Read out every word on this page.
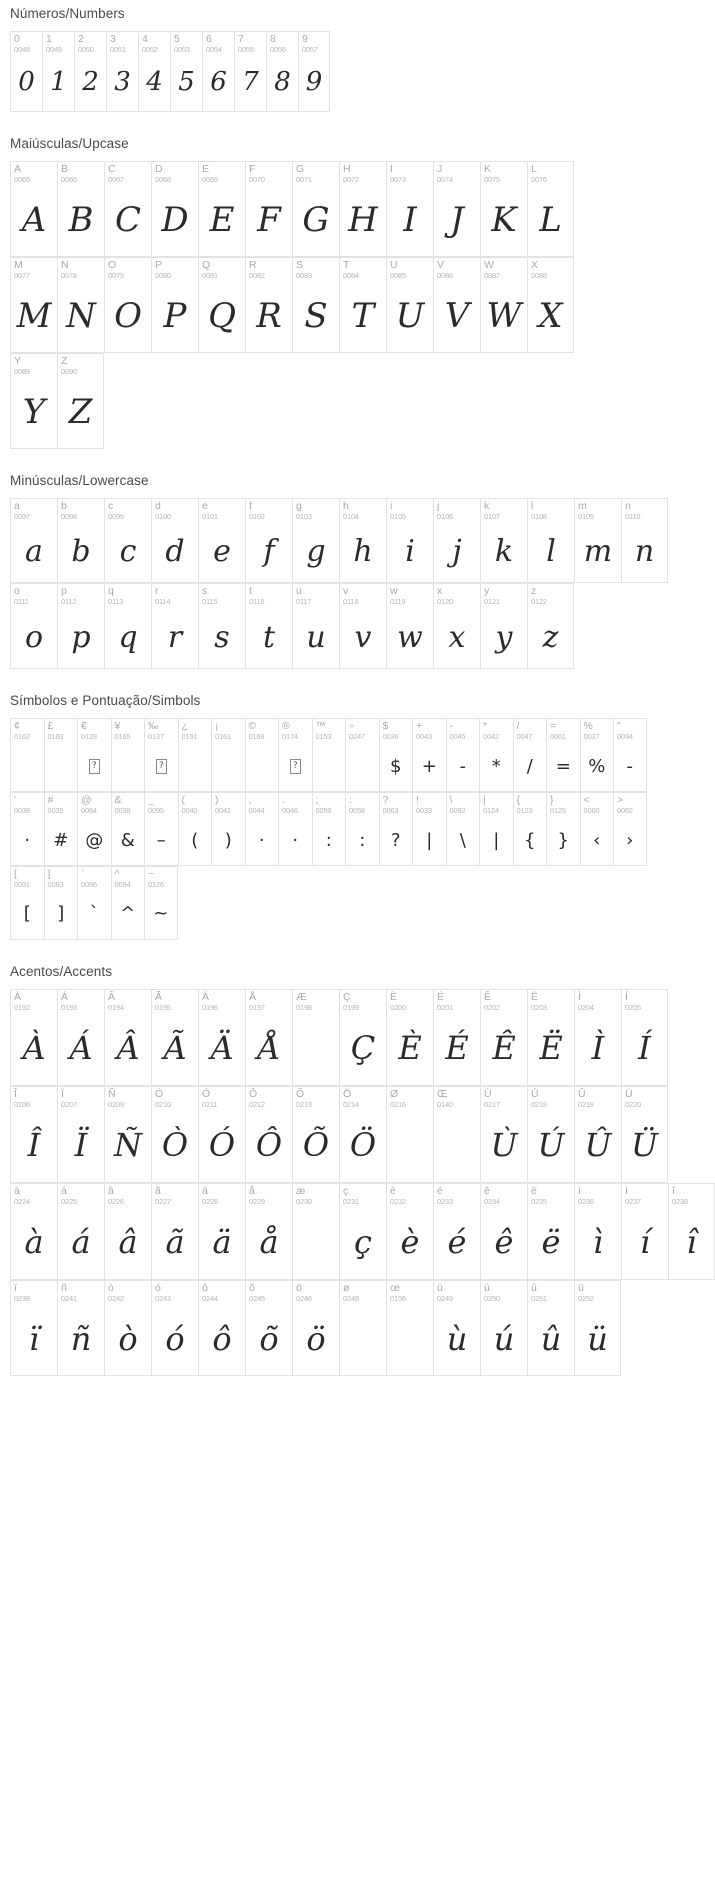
Números/Numbers
0
0048
0
1
0049
1
2
0050
2
3
0051
3
4
0052
4
5
0053
5
6
0054
6
7
0055
7
8
0056
8
9
0057
9
Maiúsculas/Upcase
A
0065
A
B
0066
B
C
0067
C
D
0068
D
E
0069
E
F
0070
F
G
0071
G
H
0072
H
I
0073
I
J
0074
J
K
0075
K
L
0076
L
M
0077
M
N
0078
N
O
0079
O
P
0080
P
Q
0081
Q
R
0082
R
S
0083
S
T
0084
T
U
0085
U
V
0086
V
W
0087
W
X
0088
X
Y
0089
Y
Z
0090
Z
Minúsculas/Lowercase
a
0097
a
b
0098
b
c
0099
c
d
0100
d
e
0101
e
f
0102
f
g
0103
g
h
0104
h
i
0105
i
j
0106
j
k
0107
k
l
0108
l
m
0109
m
n
0110
n
o
0111
o
p
0112
p
q
0113
q
r
0114
r
s
0115
s
t
0116
t
u
0117
u
v
0118
v
w
0119
w
x
0120
x
y
0121
y
z
0122
z
Símbolos e Pontuação/Simbols
¢
0162
£
0163
€
0128
?
¥
0165
‰
0137
?
¿
0191
¡
0161
©
0169
®
0174
?
™
0153
÷
0247
$
0036
$
+
0043
+
-
0045
-
*
0042
*
/
0047
/
=
0061
=
%
0037
%
"
0034
-
'
0039
·
#
0035
#
@
0064
@
&
0038
&
_
0095
–
(
0040
(
)
0041
)
,
0044
·
.
0046
·
;
0059
:
:
0058
:
?
0063
?
!
0033
|
\
0092
\
|
0124
|
{
0123
{
}
0125
}
<
0060
‹
>
0062
›
[
0091
[
]
0093
]
`
0096
`
^
0094
^
~
0126
~
Acentos/Accents
À
0192
À
Á
0193
Á
Â
0194
Â
Ã
0195
Ã
Ä
0196
Ä
Å
0197
Å
Æ
0198
Ç
0199
Ç
È
0200
È
É
0201
É
Ê
0202
Ê
Ë
0203
Ë
Ì
0204
Ì
Í
0205
Í
Î
0206
Î
Ï
0207
Ï
Ñ
0209
Ñ
Ò
0210
Ò
Ó
0211
Ó
Ô
0212
Ô
Õ
0213
Õ
Ö
0214
Ö
Ø
0216
Œ
0140
Ù
0217
Ù
Ú
0218
Ú
Û
0219
Û
Ü
0220
Ü
à
0224
à
á
0225
á
â
0226
â
ã
0227
ã
ä
0228
ä
å
0229
å
æ
0230
ç
0231
ç
è
0232
è
é
0233
é
ê
0234
ê
ë
0235
ë
ì
0236
ì
í
0237
í
î
0238
î
ï
0239
ï
ñ
0241
ñ
ò
0242
ò
ó
0243
ó
ô
0244
ô
õ
0245
õ
ö
0246
ö
ø
0248
œ
0156
ù
0249
ù
ú
0250
ú
û
0251
û
ü
0252
ü
